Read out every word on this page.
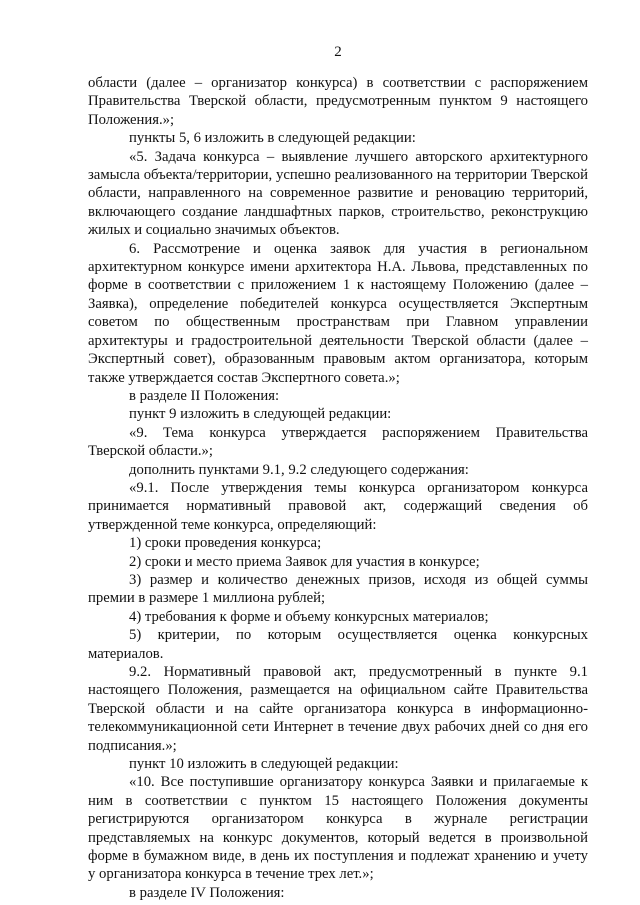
2

области (далее – организатор конкурса) в соответствии с распоряжением Правительства Тверской области, предусмотренным пунктом 9 настоящего Положения.»;

пункты 5, 6 изложить в следующей редакции:

«5. Задача конкурса – выявление лучшего авторского архитектурного замысла объекта/территории, успешно реализованного на территории Тверской области, направленного на современное развитие и реновацию территорий, включающего создание ландшафтных парков, строительство, реконструкцию жилых и социально значимых объектов.

6. Рассмотрение и оценка заявок для участия в региональном архитектурном конкурсе имени архитектора Н.А. Львова, представленных по форме в соответствии с приложением 1 к настоящему Положению (далее – Заявка), определение победителей конкурса осуществляется Экспертным советом по общественным пространствам при Главном управлении архитектуры и градостроительной деятельности Тверской области (далее – Экспертный совет), образованным правовым актом организатора, которым также утверждается состав Экспертного совета.»;

в разделе II Положения:

пункт 9 изложить в следующей редакции:

«9. Тема конкурса утверждается распоряжением Правительства Тверской области.»;

дополнить пунктами 9.1, 9.2 следующего содержания:

«9.1. После утверждения темы конкурса организатором конкурса принимается нормативный правовой акт, содержащий сведения об утвержденной теме конкурса, определяющий:

1) сроки проведения конкурса;

2) сроки и место приема Заявок для участия в конкурсе;

3) размер и количество денежных призов, исходя из общей суммы премии в размере 1 миллиона рублей;

4) требования к форме и объему конкурсных материалов;

5) критерии, по которым осуществляется оценка конкурсных материалов.

9.2. Нормативный правовой акт, предусмотренный в пункте 9.1 настоящего Положения, размещается на официальном сайте Правительства Тверской области и на сайте организатора конкурса в информационно-телекоммуникационной сети Интернет в течение двух рабочих дней со дня его подписания.»;

пункт 10 изложить в следующей редакции:

«10. Все поступившие организатору конкурса Заявки и прилагаемые к ним в соответствии с пунктом 15 настоящего Положения документы регистрируются организатором конкурса в журнале регистрации представляемых на конкурс документов, который ведется в произвольной форме в бумажном виде, в день их поступления и подлежат хранению и учету у организатора конкурса в течение трех лет.»;

в разделе IV Положения:
